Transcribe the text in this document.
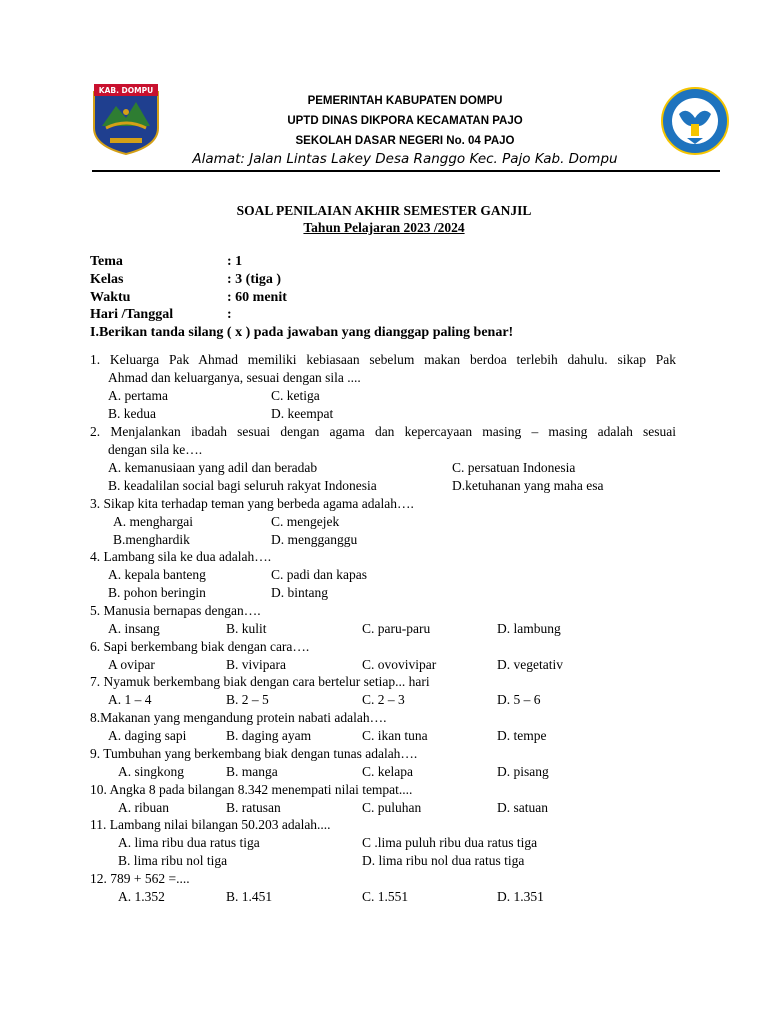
KAB. DOMPU
PEMERINTAH KABUPATEN DOMPU
UPTD DINAS DIKPORA KECAMATAN PAJO
SEKOLAH DASAR NEGERI No. 04 PAJO
Alamat: Jalan Lintas Lakey Desa Ranggo Kec. Pajo Kab. Dompu
SOAL PENILAIAN AKHIR SEMESTER GANJIL
Tahun Pelajaran 2023 /2024
Tema	: 1
Kelas	: 3 (tiga )
Waktu	: 60 menit
Hari /Tanggal	:
I.Berikan tanda silang ( x ) pada jawaban yang dianggap paling benar!
1. Keluarga Pak Ahmad memiliki kebiasaan sebelum makan berdoa terlebih dahulu. sikap Pak
Ahmad dan keluarganya, sesuai dengan sila ....
A. pertama	C. ketiga
B. kedua	D. keempat
2. Menjalankan ibadah sesuai dengan agama dan kepercayaan masing – masing adalah sesuai
dengan sila ke….
A. kemanusiaan yang adil dan beradab	C. persatuan Indonesia
B. keadalilan social bagi seluruh rakyat Indonesia	D.ketuhanan yang maha esa
3. Sikap kita terhadap teman yang berbeda agama adalah….
A. menghargai	C. mengejek
B.menghardik	D. mengganggu
4. Lambang sila ke dua adalah….
A. kepala banteng	C. padi dan kapas
B. pohon beringin	D. bintang
5. Manusia bernapas dengan….
A. insang	B. kulit	C. paru-paru	D. lambung
6. Sapi berkembang biak dengan cara….
A ovipar	B. vivipara	C. ovovivipar	D. vegetativ
7. Nyamuk berkembang biak dengan cara bertelur setiap... hari
A. 1 – 4	B. 2 – 5	C. 2 – 3	D. 5 – 6
8.Makanan yang mengandung protein nabati adalah….
A. daging sapi	B. daging ayam	C. ikan tuna	D. tempe
9. Tumbuhan yang berkembang biak dengan tunas adalah….
A. singkong	B. manga	C. kelapa	D. pisang
10. Angka 8 pada bilangan 8.342 menempati nilai tempat....
A. ribuan	B. ratusan	C. puluhan	D. satuan
11. Lambang nilai bilangan 50.203 adalah....
A. lima ribu dua ratus tiga	C .lima puluh ribu dua ratus tiga
B. lima ribu nol tiga	D. lima ribu nol dua ratus tiga
12. 789 + 562 =....
A. 1.352	B. 1.451	C. 1.551	D. 1.351
